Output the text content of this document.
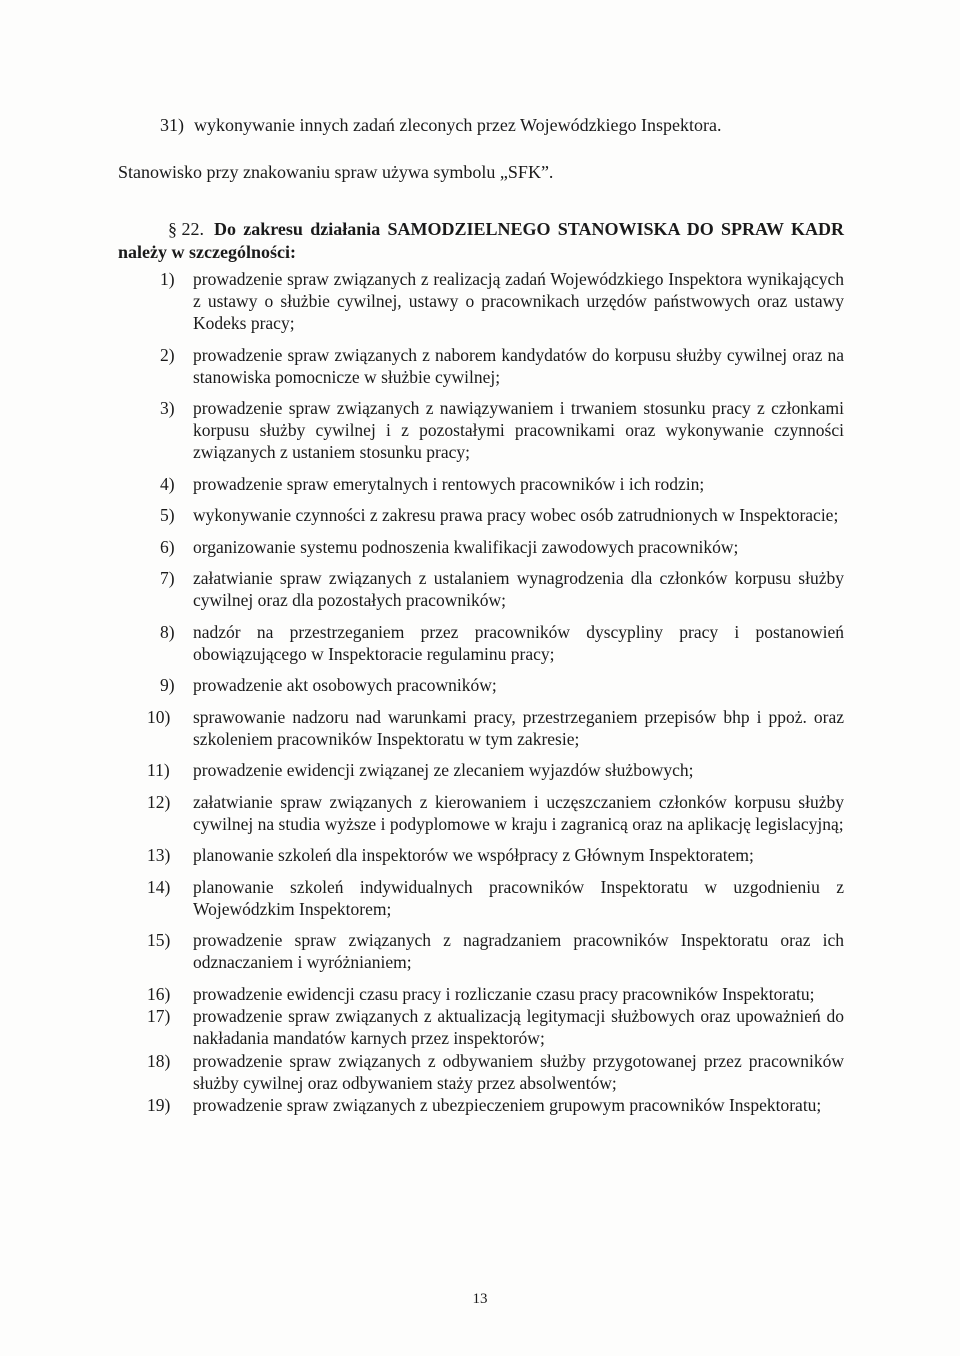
31) wykonywanie innych zadań zleconych przez Wojewódzkiego Inspektora.
Stanowisko przy znakowaniu spraw używa symbolu „SFK”.
§ 22. Do zakresu działania SAMODZIELNEGO STANOWISKA DO SPRAW KADR należy w szczególności:
1)	prowadzenie spraw związanych z realizacją zadań Wojewódzkiego Inspektora wynikających z ustawy o służbie cywilnej, ustawy o pracownikach urzędów państwowych oraz ustawy Kodeks pracy;
2)	prowadzenie spraw związanych z naborem kandydatów do korpusu służby cywilnej oraz na stanowiska pomocnicze w służbie cywilnej;
3)	prowadzenie spraw związanych z nawiązywaniem i trwaniem stosunku pracy z członkami korpusu służby cywilnej i z pozostałymi pracownikami oraz wykonywanie czynności związanych z ustaniem stosunku pracy;
4)	prowadzenie spraw emerytalnych i rentowych pracowników i ich rodzin;
5)	wykonywanie czynności z zakresu prawa pracy wobec osób zatrudnionych w Inspektoracie;
6)	organizowanie systemu podnoszenia kwalifikacji zawodowych pracowników;
7)	załatwianie spraw związanych z ustalaniem wynagrodzenia dla członków korpusu służby cywilnej oraz dla pozostałych pracowników;
8)	nadzór na przestrzeganiem przez pracowników dyscypliny pracy i postanowień obowiązującego w Inspektoracie regulaminu pracy;
9)	prowadzenie akt osobowych pracowników;
10)	sprawowanie nadzoru nad warunkami pracy, przestrzeganiem przepisów bhp i ppoż. oraz szkoleniem pracowników Inspektoratu w tym zakresie;
11)	prowadzenie ewidencji związanej ze zlecaniem wyjazdów służbowych;
12)	załatwianie spraw związanych z kierowaniem i uczęszczaniem członków korpusu służby cywilnej na studia wyższe i podyplomowe w kraju i zagranicą oraz na aplikację legislacyjną;
13)	planowanie szkoleń dla inspektorów we współpracy z Głównym Inspektoratem;
14)	planowanie szkoleń indywidualnych pracowników Inspektoratu w uzgodnieniu z Wojewódzkim Inspektorem;
15)	prowadzenie spraw związanych z nagradzaniem pracowników Inspektoratu oraz ich odznaczaniem i wyróżnianiem;
16)	prowadzenie ewidencji czasu pracy i rozliczanie czasu pracy pracowników Inspektoratu;
17)	prowadzenie spraw związanych z aktualizacją legitymacji służbowych oraz upoważnień do nakładania mandatów karnych przez inspektorów;
18)	prowadzenie spraw związanych z odbywaniem służby przygotowanej przez pracowników służby cywilnej oraz odbywaniem staży przez absolwentów;
19)	prowadzenie spraw związanych z ubezpieczeniem grupowym pracowników Inspektoratu;
13
